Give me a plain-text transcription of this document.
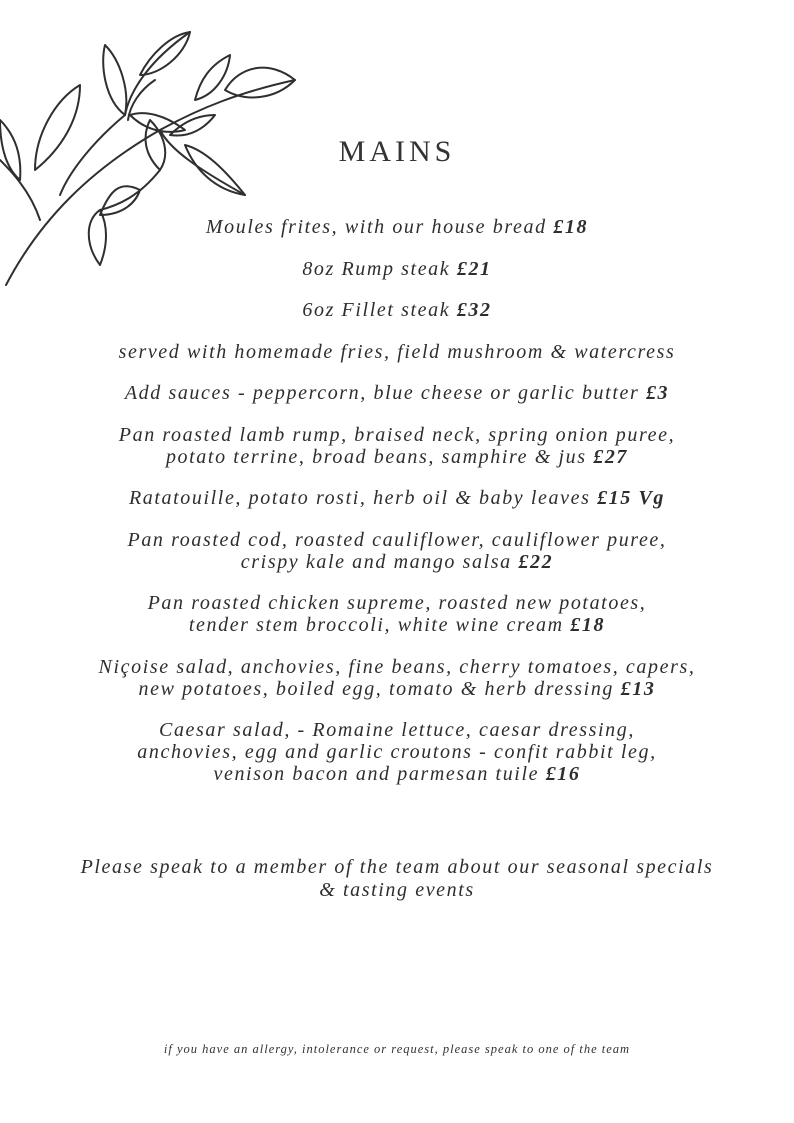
MAINS

Moules frites, with our house bread £18

8oz Rump steak £21

6oz Fillet steak £32

served with homemade fries, field mushroom & watercress

Add sauces - peppercorn, blue cheese or garlic butter £3

Pan roasted lamb rump, braised neck, spring onion puree,
potato terrine, broad beans, samphire & jus £27

Ratatouille, potato rosti, herb oil & baby leaves £15 Vg

Pan roasted cod, roasted cauliflower, cauliflower puree,
crispy kale and mango salsa £22

Pan roasted chicken supreme, roasted new potatoes,
tender stem broccoli, white wine cream £18

Niçoise salad, anchovies, fine beans, cherry tomatoes, capers,
new potatoes, boiled egg, tomato & herb dressing £13

Caesar salad, - Romaine lettuce, caesar dressing,
anchovies, egg and garlic croutons - confit rabbit leg,
venison bacon and parmesan tuile £16

Please speak to a member of the team about our seasonal specials
& tasting events
if you have an allergy, intolerance or request, please speak to one of the team
